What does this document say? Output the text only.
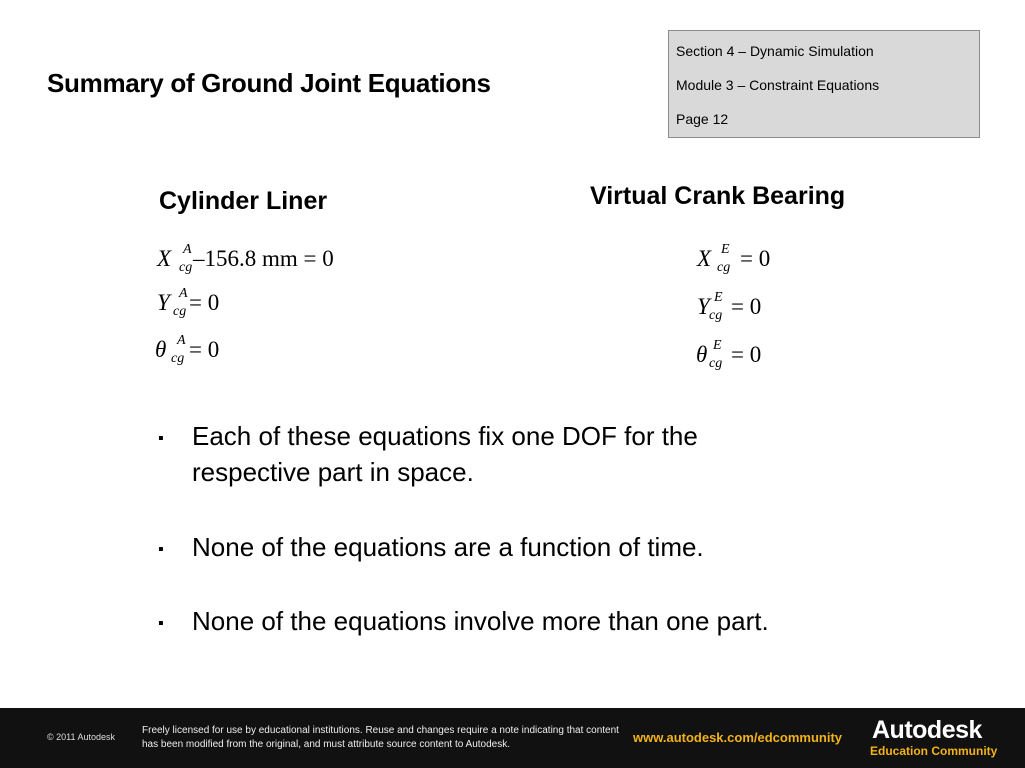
Summary of Ground Joint Equations
Section 4 – Dynamic Simulation
Module 3 – Constraint Equations
Page 12
Cylinder Liner	Virtual Crank Bearing
X A
cg –156.8 mm = 0
Y A
cg = 0
θ A
cg = 0
X E
cg = 0
Y E
cg = 0
θ E
cg = 0
▪ Each of these equations fix one DOF for the respective part in space.
▪ None of the equations are a function of time.
▪ None of the equations involve more than one part.
© 2011 Autodesk
Freely licensed for use by educational institutions. Reuse and changes require a note indicating that content has been modified from the original, and must attribute source content to Autodesk.	www.autodesk.com/edcommunity Autodesk
Education Community
